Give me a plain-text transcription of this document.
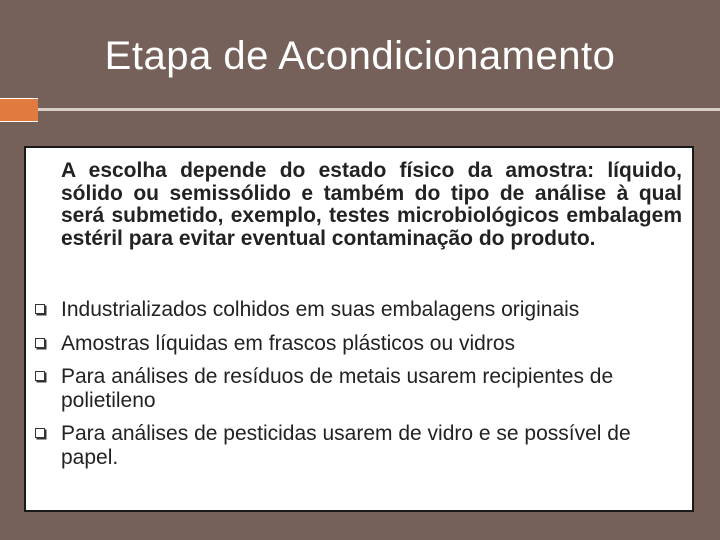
Etapa de Acondicionamento

A escolha depende do estado físico da amostra: líquido, sólido ou semissólido e também do tipo de análise à qual será submetido, exemplo, testes microbiológicos embalagem estéril para evitar eventual contaminação do produto.

Industrializados colhidos em suas embalagens originais
Amostras líquidas em frascos plásticos ou vidros
Para análises de resíduos de metais usarem recipientes de polietileno
Para análises de pesticidas usarem de vidro e se possível de papel.
